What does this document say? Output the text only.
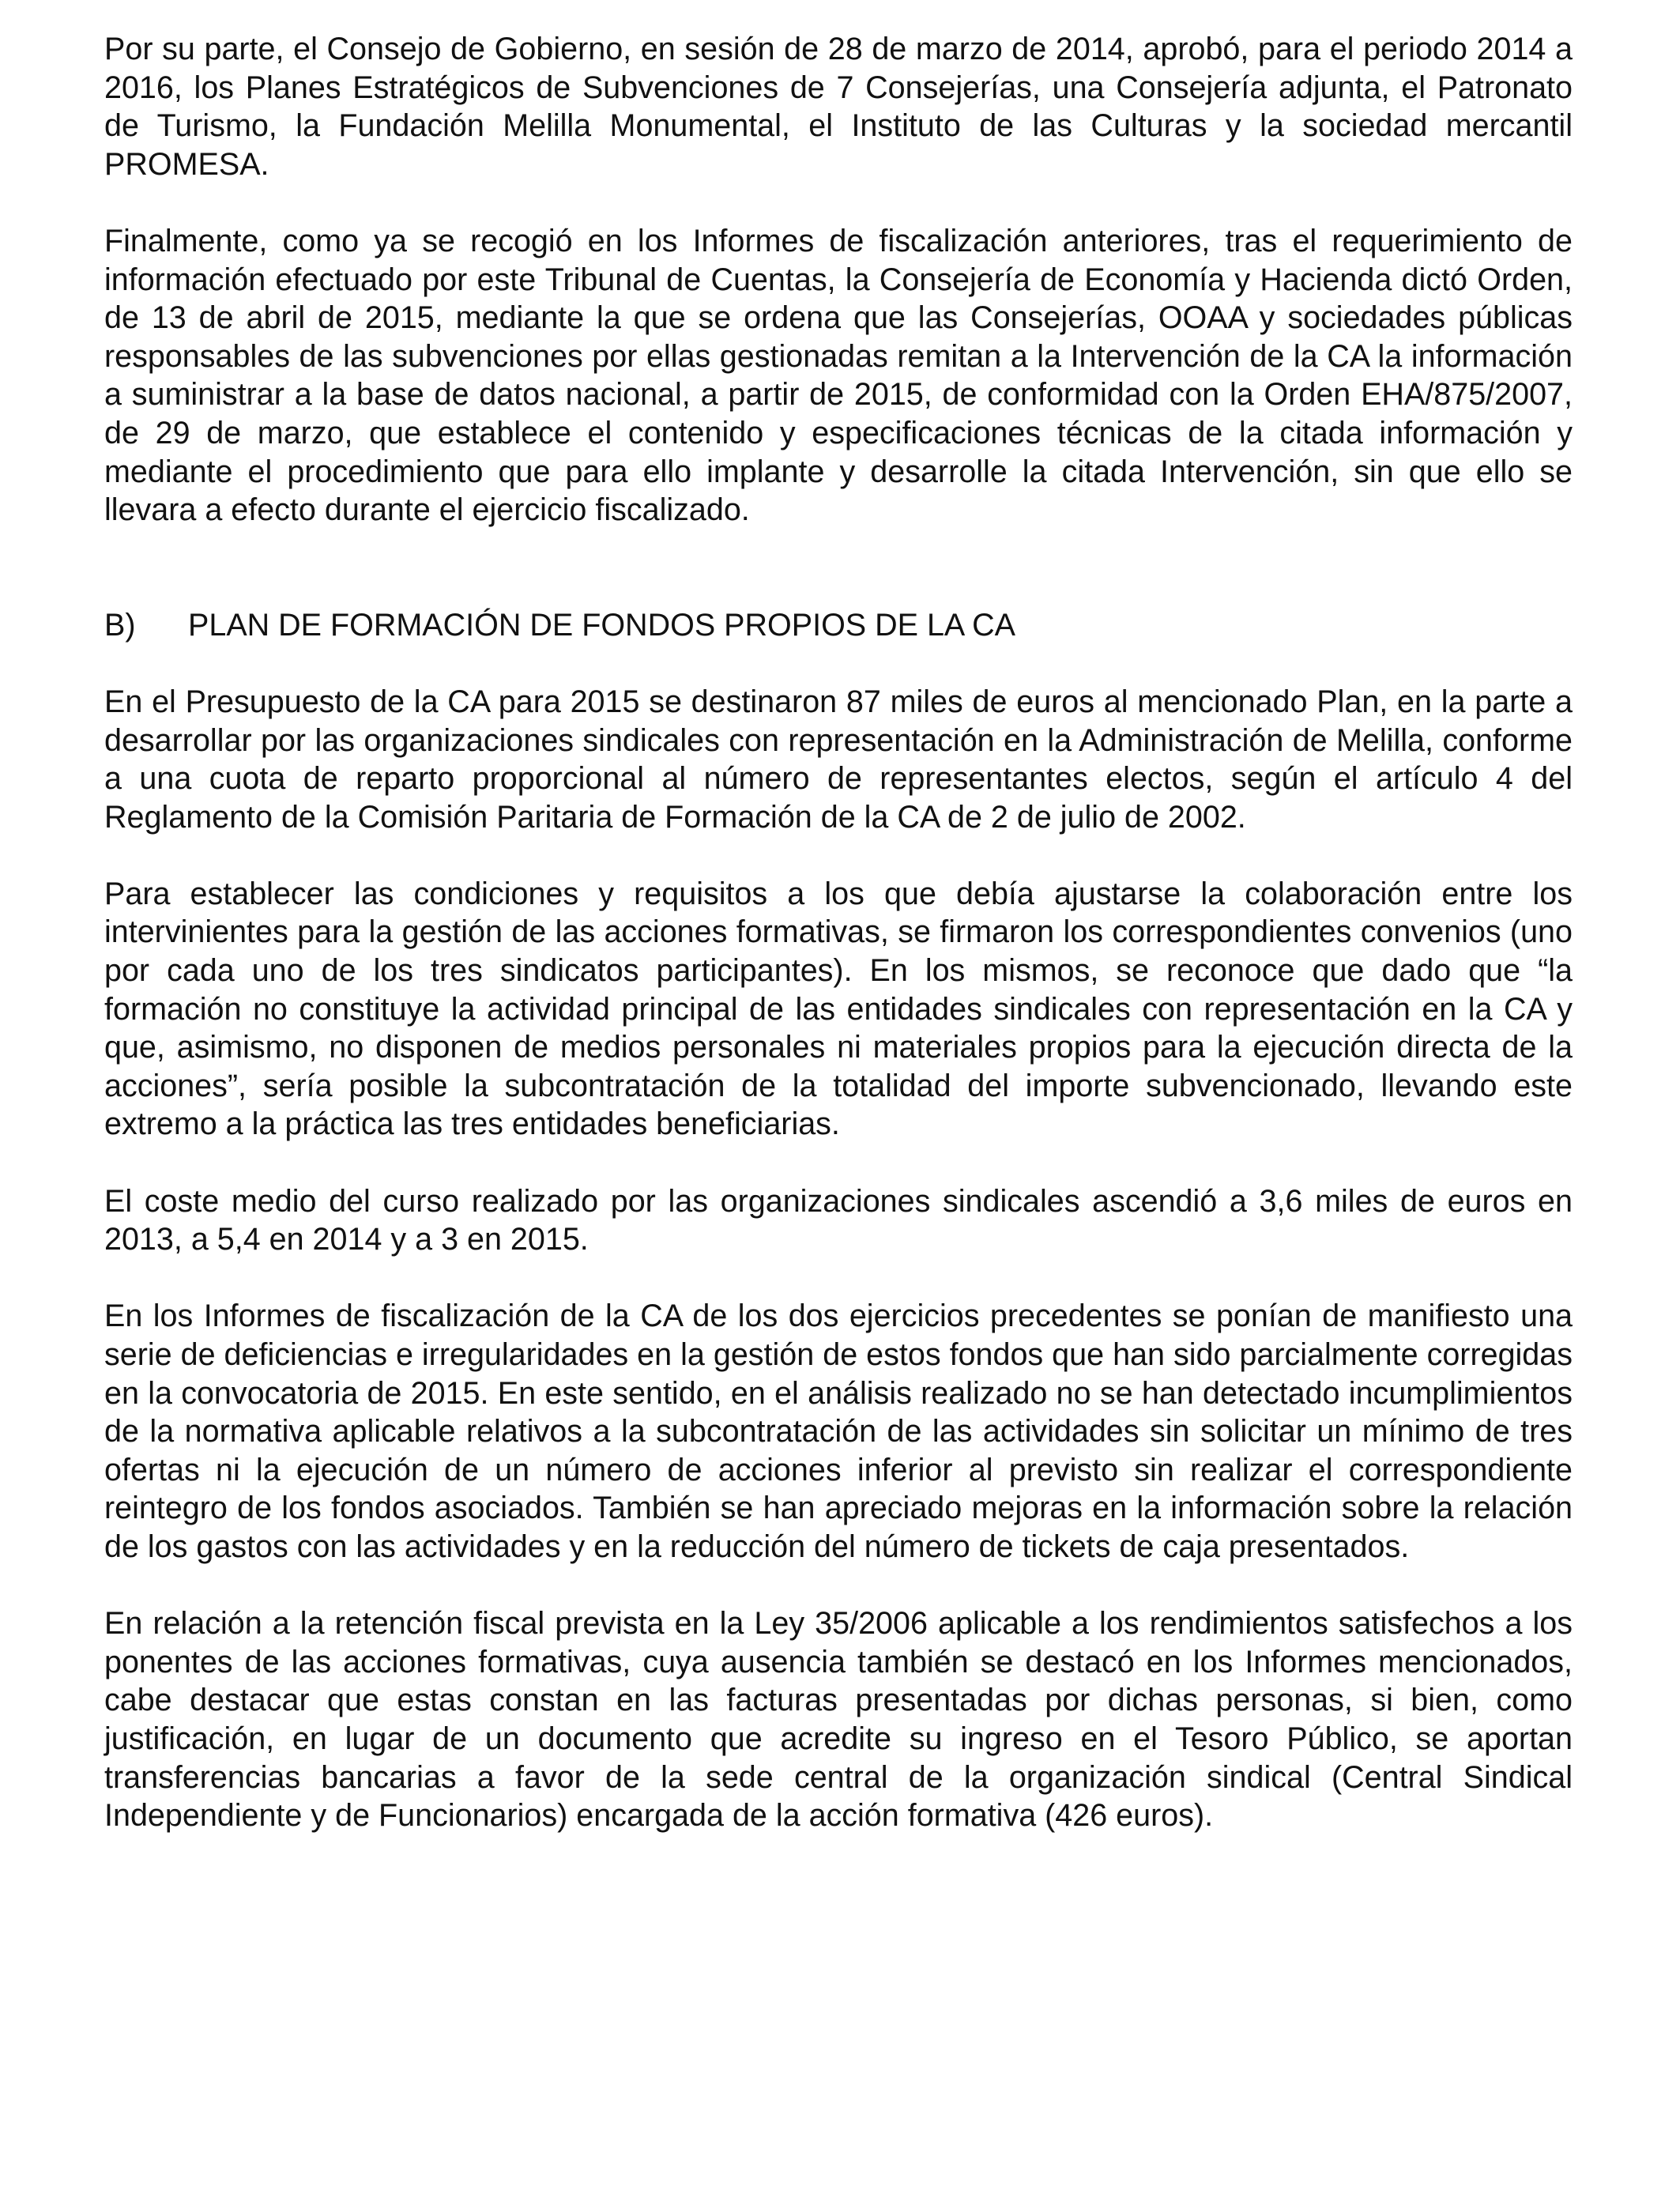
Por su parte, el Consejo de Gobierno, en sesión de 28 de marzo de 2014, aprobó, para el periodo 2014 a 2016, los Planes Estratégicos de Subvenciones de 7 Consejerías, una Consejería adjunta, el Patronato de Turismo, la Fundación Melilla Monumental, el Instituto de las Culturas y la sociedad mercantil PROMESA.

Finalmente, como ya se recogió en los Informes de fiscalización anteriores, tras el requerimiento de información efectuado por este Tribunal de Cuentas, la Consejería de Economía y Hacienda dictó Orden, de 13 de abril de 2015, mediante la que se ordena que las Consejerías, OOAA y sociedades públicas responsables de las subvenciones por ellas gestionadas remitan a la Intervención de la CA la información a suministrar a la base de datos nacional, a partir de 2015, de conformidad con la Orden EHA/875/2007, de 29 de marzo, que establece el contenido y especificaciones técnicas de la citada información y mediante el procedimiento que para ello implante y desarrolle la citada Intervención, sin que ello se llevara a efecto durante el ejercicio fiscalizado.

B)	PLAN DE FORMACIÓN DE FONDOS PROPIOS DE LA CA

En el Presupuesto de la CA para 2015 se destinaron 87 miles de euros al mencionado Plan, en la parte a desarrollar por las organizaciones sindicales con representación en la Administración de Melilla, conforme a una cuota de reparto proporcional al número de representantes electos, según el artículo 4 del Reglamento de la Comisión Paritaria de Formación de la CA de 2 de julio de 2002.

Para establecer las condiciones y requisitos a los que debía ajustarse la colaboración entre los intervinientes para la gestión de las acciones formativas, se firmaron los correspondientes convenios (uno por cada uno de los tres sindicatos participantes). En los mismos, se reconoce que dado que “la formación no constituye la actividad principal de las entidades sindicales con representación en la CA y que, asimismo, no disponen de medios personales ni materiales propios para la ejecución directa de la acciones”, sería posible la subcontratación de la totalidad del importe subvencionado, llevando este extremo a la práctica las tres entidades beneficiarias.

El coste medio del curso realizado por las organizaciones sindicales ascendió a 3,6 miles de euros en 2013, a 5,4 en 2014 y a 3 en 2015.

En los Informes de fiscalización de la CA de los dos ejercicios precedentes se ponían de manifiesto una serie de deficiencias e irregularidades en la gestión de estos fondos que han sido parcialmente corregidas en la convocatoria de 2015. En este sentido, en el análisis realizado no se han detectado incumplimientos de la normativa aplicable relativos a la subcontratación de las actividades sin solicitar un mínimo de tres ofertas ni la ejecución de un número de acciones inferior al previsto sin realizar el correspondiente reintegro de los fondos asociados. También se han apreciado mejoras en la información sobre la relación de los gastos con las actividades y en la reducción del número de tickets de caja presentados.

En relación a la retención fiscal prevista en la Ley 35/2006 aplicable a los rendimientos satisfechos a los ponentes de las acciones formativas, cuya ausencia también se destacó en los Informes mencionados, cabe destacar que estas constan en las facturas presentadas por dichas personas, si bien, como justificación, en lugar de un documento que acredite su ingreso en el Tesoro Público, se aportan transferencias bancarias a favor de la sede central de la organización sindical (Central Sindical Independiente y de Funcionarios) encargada de la acción formativa (426 euros).
